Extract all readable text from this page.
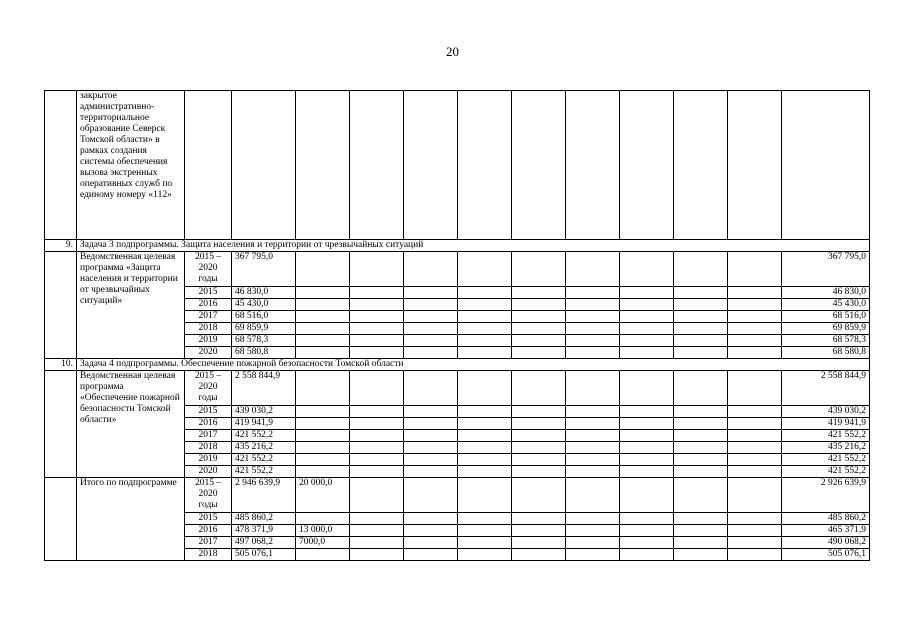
20
	закрытое административно-территориальное образование Северск Томской области» в рамках создания системы обеспечения вызова экстренных оперативных служб по единому номеру «112»												
9.	Задача 3 подпрограммы. Защита населения и территории от чрезвычайных ситуаций												
	Ведомственная целевая программа «Защита населения и территории от чрезвычайных ситуаций»	2015 – 2020 годы	367 795,0										367 795,0
		2015	46 830,0										46 830,0
		2016	45 430,0										45 430,0
		2017	68 516,0										68 516,0
		2018	69 859,9										69 859,9
		2019	68 578,3										68 578,3
		2020	68 580,8										68 580,8
10.	Задача 4 подпрограммы. Обеспечение пожарной безопасности Томской области												
	Ведомственная целевая программа «Обеспечение пожарной безопасности Томской области»	2015 – 2020 годы	2 558 844,9										2 558 844,9
		2015	439 030,2										439 030,2
		2016	419 941,9										419 941,9
		2017	421 552,2										421 552,2
		2018	435 216,2										435 216,2
		2019	421 552,2										421 552,2
		2020	421 552,2										421 552,2
	Итого по подпрограмме	2015 – 2020 годы	2 946 639,9	20 000,0									2 926 639,9
		2015	485 860,2										485 860,2
		2016	478 371,9	13 000,0									465 371,9
		2017	497 068,2	7000,0									490 068,2
		2018	505 076,1										505 076,1
